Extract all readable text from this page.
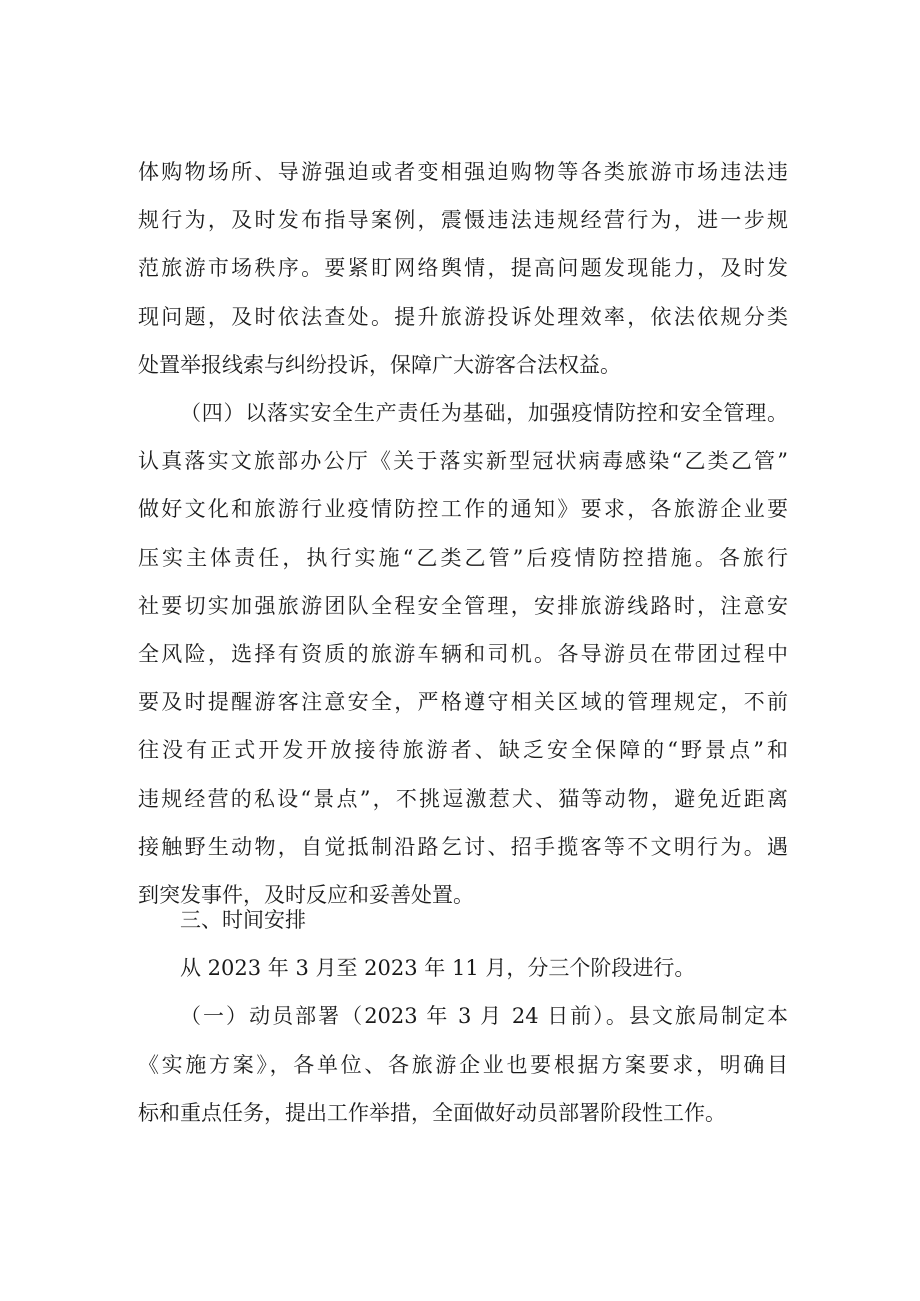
体购物场所、导游强迫或者变相强迫购物等各类旅游市场违法违
规行为，及时发布指导案例，震慑违法违规经营行为，进一步规
范旅游市场秩序。要紧盯网络舆情，提高问题发现能力，及时发
现问题，及时依法查处。提升旅游投诉处理效率，依法依规分类
处置举报线索与纠纷投诉，保障广大游客合法权益。
（四）以落实安全生产责任为基础，加强疫情防控和安全管理。
认真落实文旅部办公厅《关于落实新型冠状病毒感染“乙类乙管”
做好文化和旅游行业疫情防控工作的通知》要求，各旅游企业要
压实主体责任，执行实施“乙类乙管”后疫情防控措施。各旅行
社要切实加强旅游团队全程安全管理，安排旅游线路时，注意安
全风险，选择有资质的旅游车辆和司机。各导游员在带团过程中
要及时提醒游客注意安全，严格遵守相关区域的管理规定，不前
往没有正式开发开放接待旅游者、缺乏安全保障的“野景点”和
违规经营的私设“景点”，不挑逗激惹犬、猫等动物，避免近距离
接触野生动物，自觉抵制沿路乞讨、招手揽客等不文明行为。遇
到突发事件，及时反应和妥善处置。
三、时间安排
从 2023 年 3 月至 2023 年 11 月，分三个阶段进行。
（一）动员部署（2023 年 3 月 24 日前）。县文旅局制定本
《实施方案》，各单位、各旅游企业也要根据方案要求，明确目
标和重点任务，提出工作举措，全面做好动员部署阶段性工作。
